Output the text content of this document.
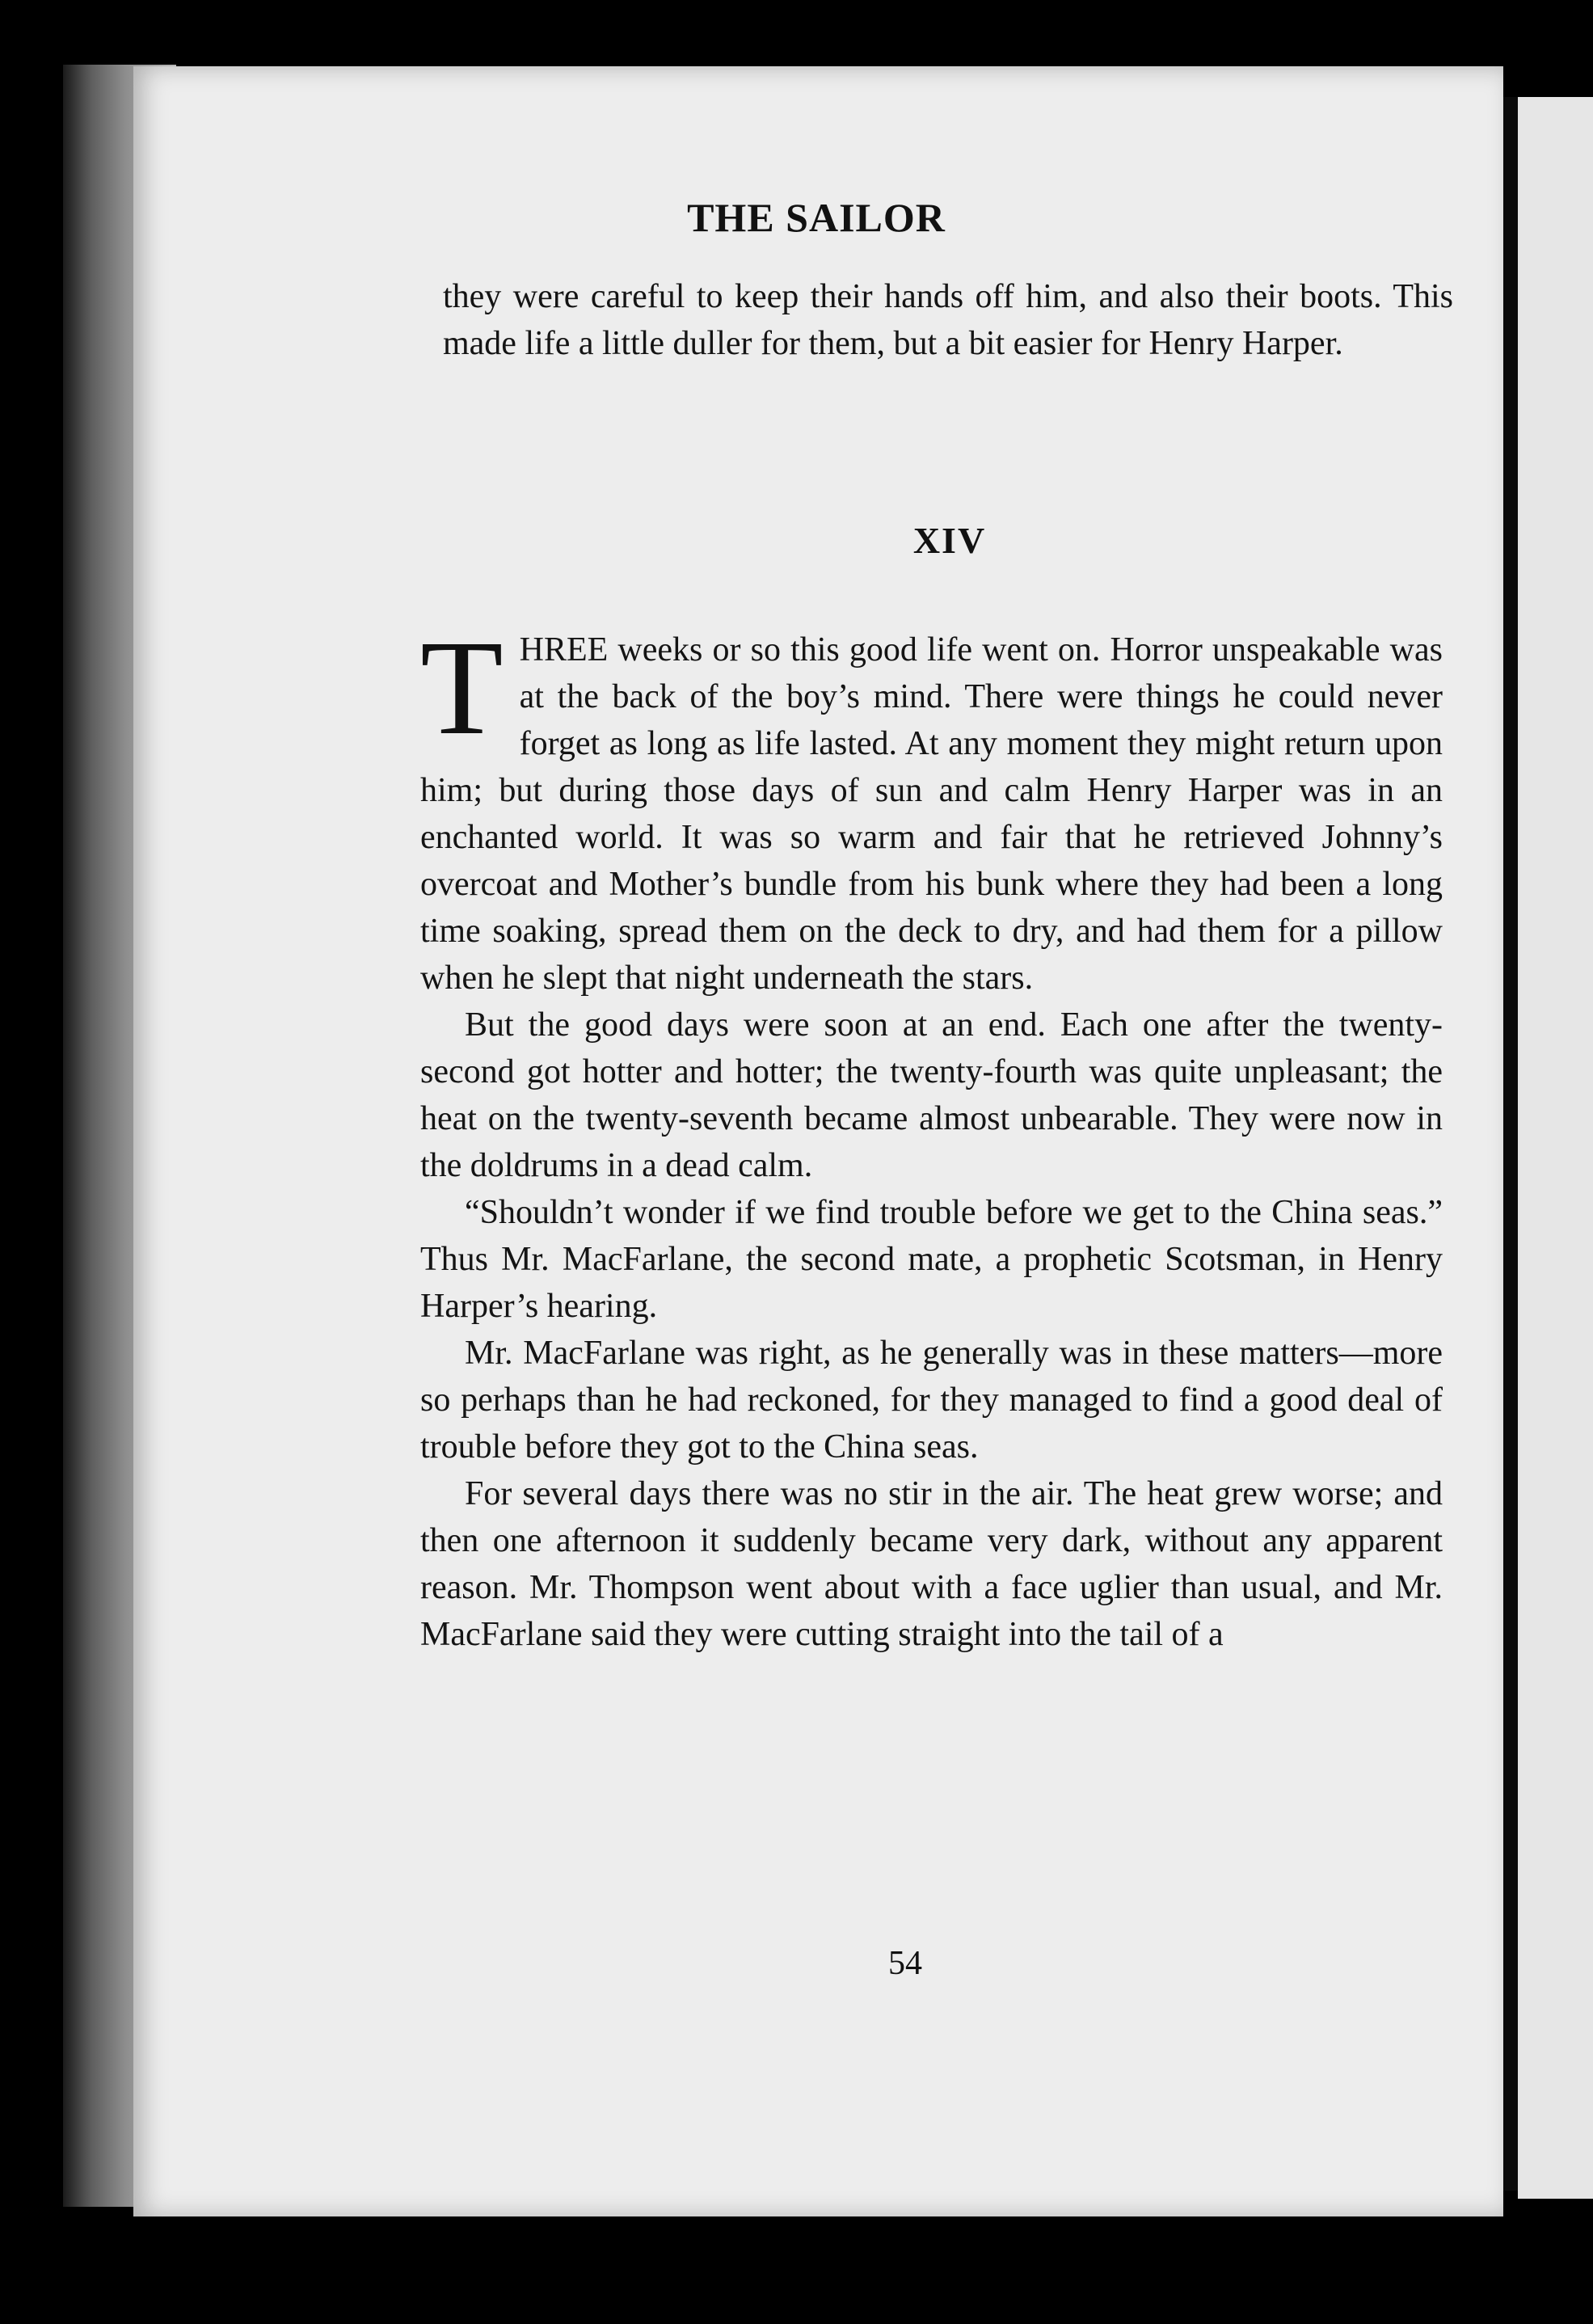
THE SAILOR

they were careful to keep their hands off him, and also their boots. This made life a little duller for them, but a bit easier for Henry Harper.

XIV

THREE weeks or so this good life went on. Horror unspeakable was at the back of the boy’s mind. There were things he could never forget as long as life lasted. At any moment they might return upon him; but during those days of sun and calm Henry Harper was in an enchanted world. It was so warm and fair that he retrieved Johnny’s overcoat and Mother’s bundle from his bunk where they had been a long time soaking, spread them on the deck to dry, and had them for a pillow when he slept that night underneath the stars.

But the good days were soon at an end. Each one after the twenty-second got hotter and hotter; the twenty-fourth was quite unpleasant; the heat on the twenty-seventh became almost unbearable. They were now in the doldrums in a dead calm.

“Shouldn’t wonder if we find trouble before we get to the China seas.” Thus Mr. MacFarlane, the second mate, a prophetic Scotsman, in Henry Harper’s hearing.

Mr. MacFarlane was right, as he generally was in these matters—more so perhaps than he had reckoned, for they managed to find a good deal of trouble before they got to the China seas.

For several days there was no stir in the air. The heat grew worse; and then one afternoon it suddenly became very dark, without any apparent reason. Mr. Thompson went about with a face uglier than usual, and Mr. MacFarlane said they were cutting straight into the tail of a

54
